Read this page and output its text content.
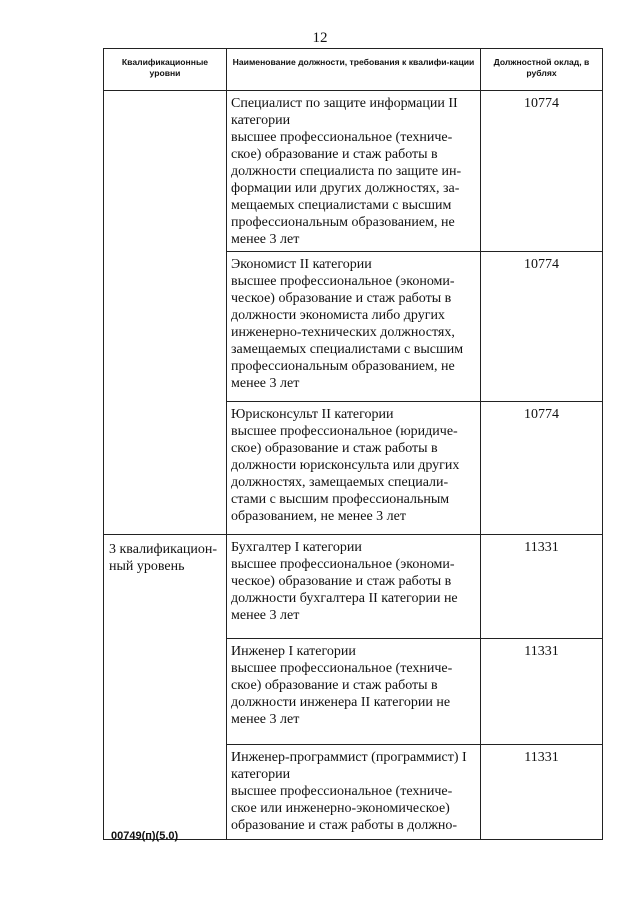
12
Квалификационные уровни	Наименование должности, требования к квалифи-кации	Должностной оклад, в рублях

	Специалист по защите информации II категории
высшее профессиональное (техниче-ское) образование и стаж работы в должности специалиста по защите ин-формации или других должностях, за-мещаемых специалистами с высшим профессиональным образованием, не менее 3 лет	10774

	Экономист II категории
высшее профессиональное (экономи-ческое) образование и стаж работы в должности экономиста либо других инженерно-технических должностях, замещаемых специалистами с высшим профессиональным образованием, не менее 3 лет	10774

	Юрисконсульт II категории
высшее профессиональное (юридиче-ское) образование и стаж работы в должности юрисконсульта или других должностях, замещаемых специали-стами с высшим профессиональным образованием, не менее 3 лет	10774
3 квалификацион-ный уровень	Бухгалтер I категории
высшее профессиональное (экономи-ческое) образование и стаж работы в должности бухгалтера II категории не менее 3 лет	11331

	Инженер I категории
высшее профессиональное (техниче-ское) образование и стаж работы в должности инженера II категории не менее 3 лет	11331

	Инженер-программист (программист) I категории
высшее профессиональное (техниче-ское или инженерно-экономическое) образование и стаж работы в должно-	11331
00749(п)(5.0)
